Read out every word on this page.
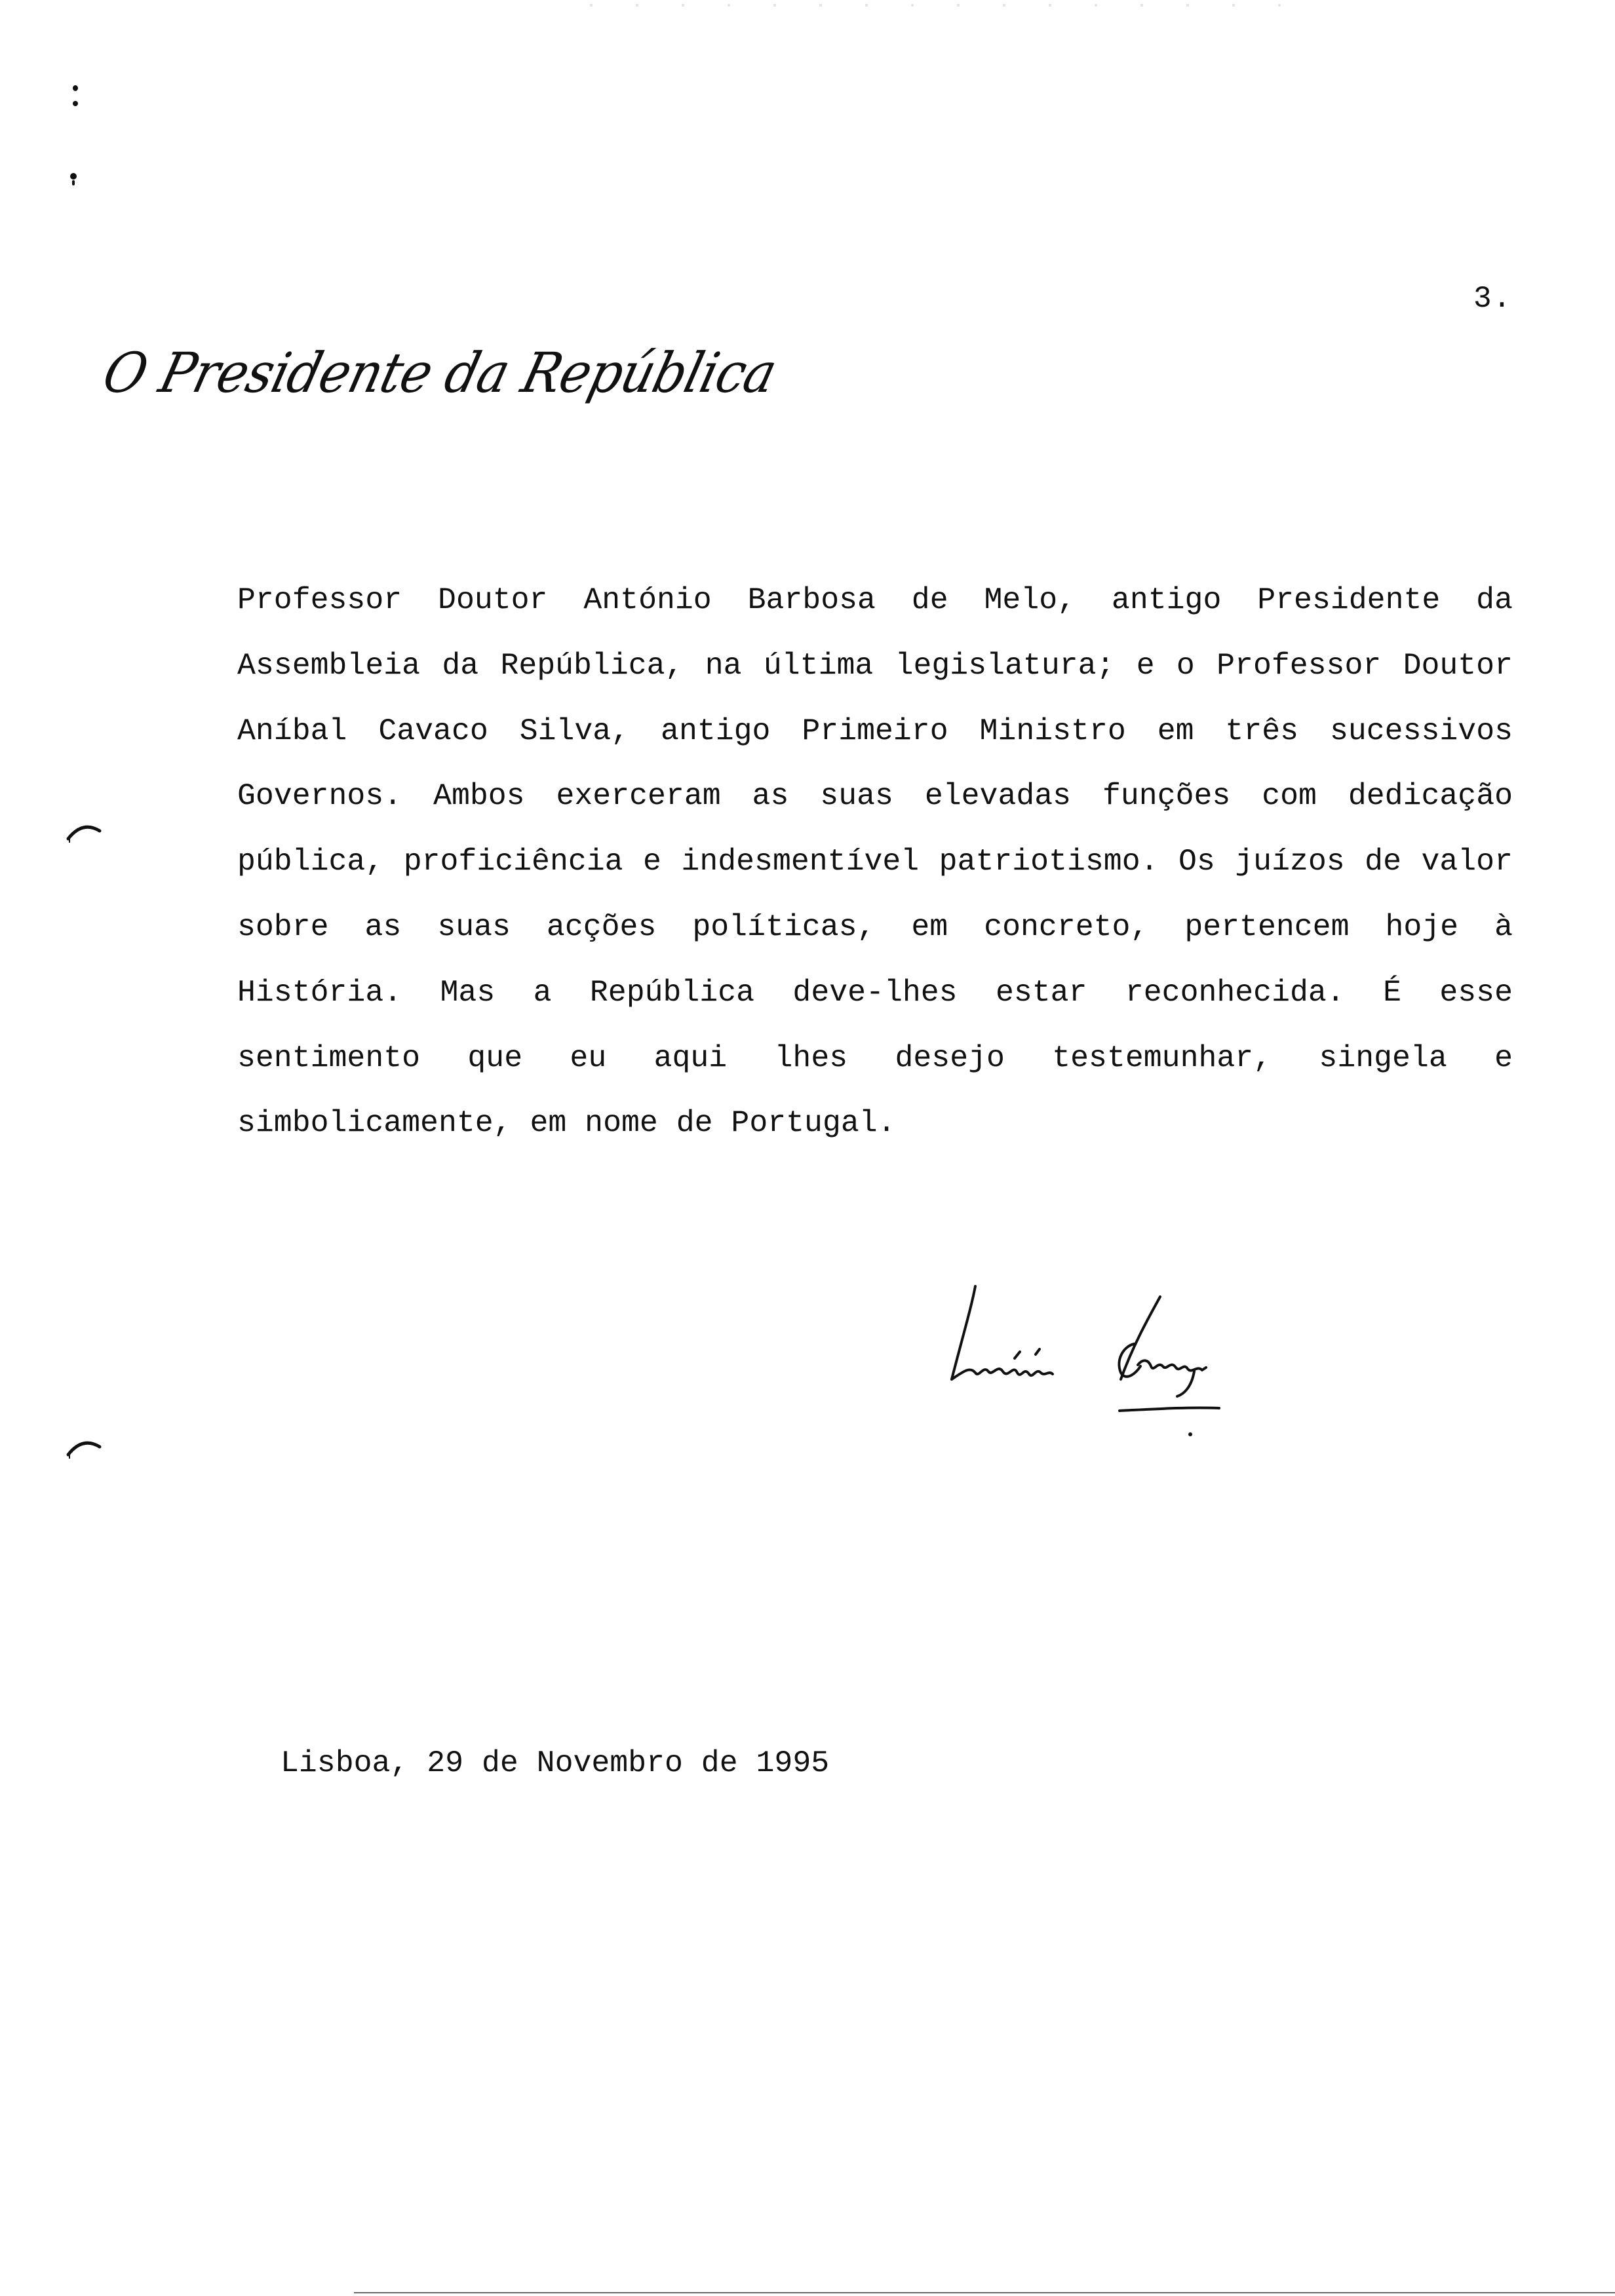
3.
O Presidente da República

Professor Doutor António Barbosa de Melo, antigo Presidente da Assembleia da República, na última legislatura; e o Professor Doutor Aníbal Cavaco Silva, antigo Primeiro Ministro em três sucessivos Governos. Ambos exerceram as suas elevadas funções com dedicação pública, proficiência e indesmentível patriotismo. Os juízos de valor sobre as suas acções políticas, em concreto, pertencem hoje à História. Mas a República deve-lhes estar reconhecida. É esse sentimento que eu aqui lhes desejo testemunhar, singela e simbolicamente, em nome de Portugal.

Lisboa, 29 de Novembro de 1995
